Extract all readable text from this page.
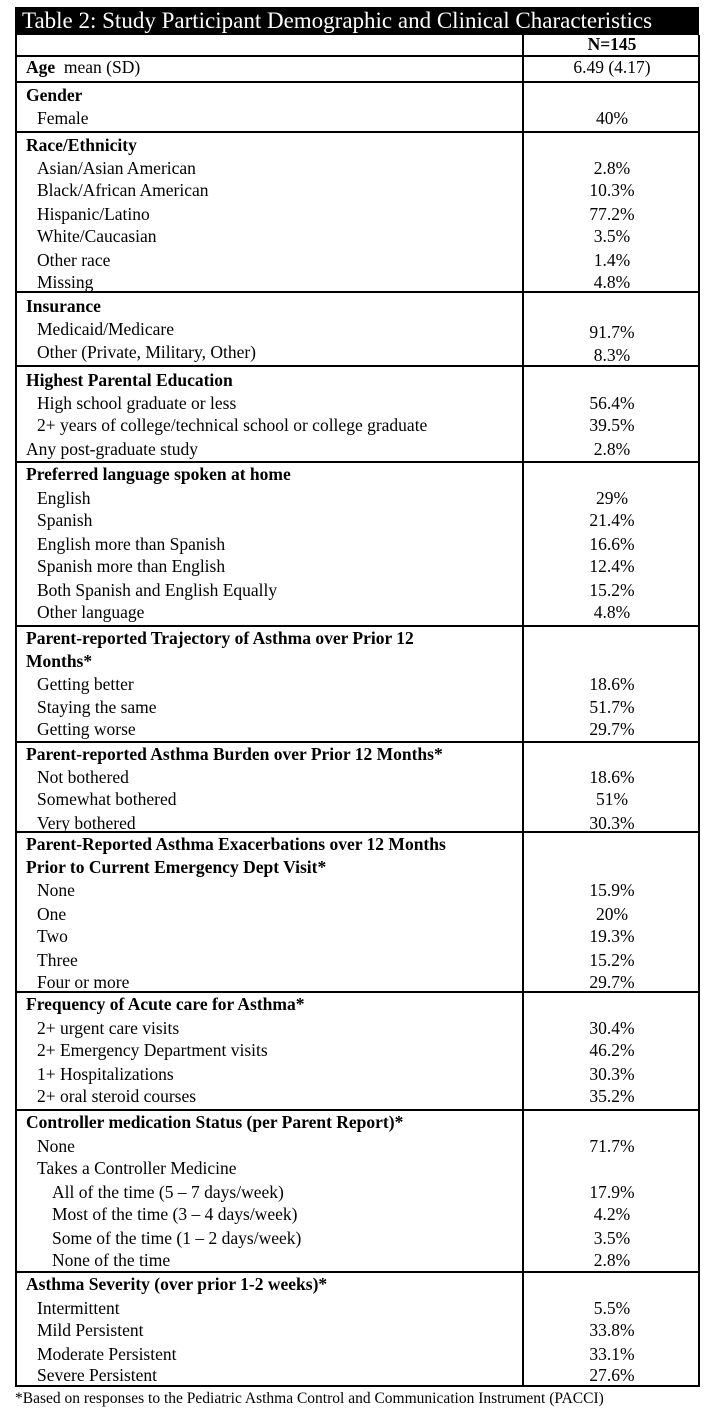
Table 2: Study Participant Demographic and Clinical Characteristics
N=145
Age mean (SD)	6.49 (4.17)
Gender
Female	40%
Race/Ethnicity
Asian/Asian American	2.8%
Black/African American	10.3%
Hispanic/Latino	77.2%
White/Caucasian	3.5%
Other race	1.4%
Missing	4.8%
Insurance
Medicaid/Medicare	91.7%
Other (Private, Military, Other)	8.3%
Highest Parental Education
High school graduate or less	56.4%
2+ years of college/technical school or college graduate	39.5%
Any post-graduate study	2.8%
Preferred language spoken at home
English	29%
Spanish	21.4%
English more than Spanish	16.6%
Spanish more than English	12.4%
Both Spanish and English Equally	15.2%
Other language	4.8%
Parent-reported Trajectory of Asthma over Prior 12
Months*
Getting better	18.6%
Staying the same	51.7%
Getting worse	29.7%
Parent-reported Asthma Burden over Prior 12 Months*
Not bothered	18.6%
Somewhat bothered	51%
Very bothered	30.3%
Parent-Reported Asthma Exacerbations over 12 Months
Prior to Current Emergency Dept Visit*
None	15.9%
One	20%
Two	19.3%
Three	15.2%
Four or more	29.7%
Frequency of Acute care for Asthma*
2+ urgent care visits	30.4%
2+ Emergency Department visits	46.2%
1+ Hospitalizations	30.3%
2+ oral steroid courses	35.2%
Controller medication Status (per Parent Report)*
None	71.7%
Takes a Controller Medicine
All of the time (5 – 7 days/week)	17.9%
Most of the time (3 – 4 days/week)	4.2%
Some of the time (1 – 2 days/week)	3.5%
None of the time	2.8%
Asthma Severity (over prior 1-2 weeks)*
Intermittent	5.5%
Mild Persistent	33.8%
Moderate Persistent	33.1%
Severe Persistent	27.6%
*Based on responses to the Pediatric Asthma Control and Communication Instrument (PACCI)
